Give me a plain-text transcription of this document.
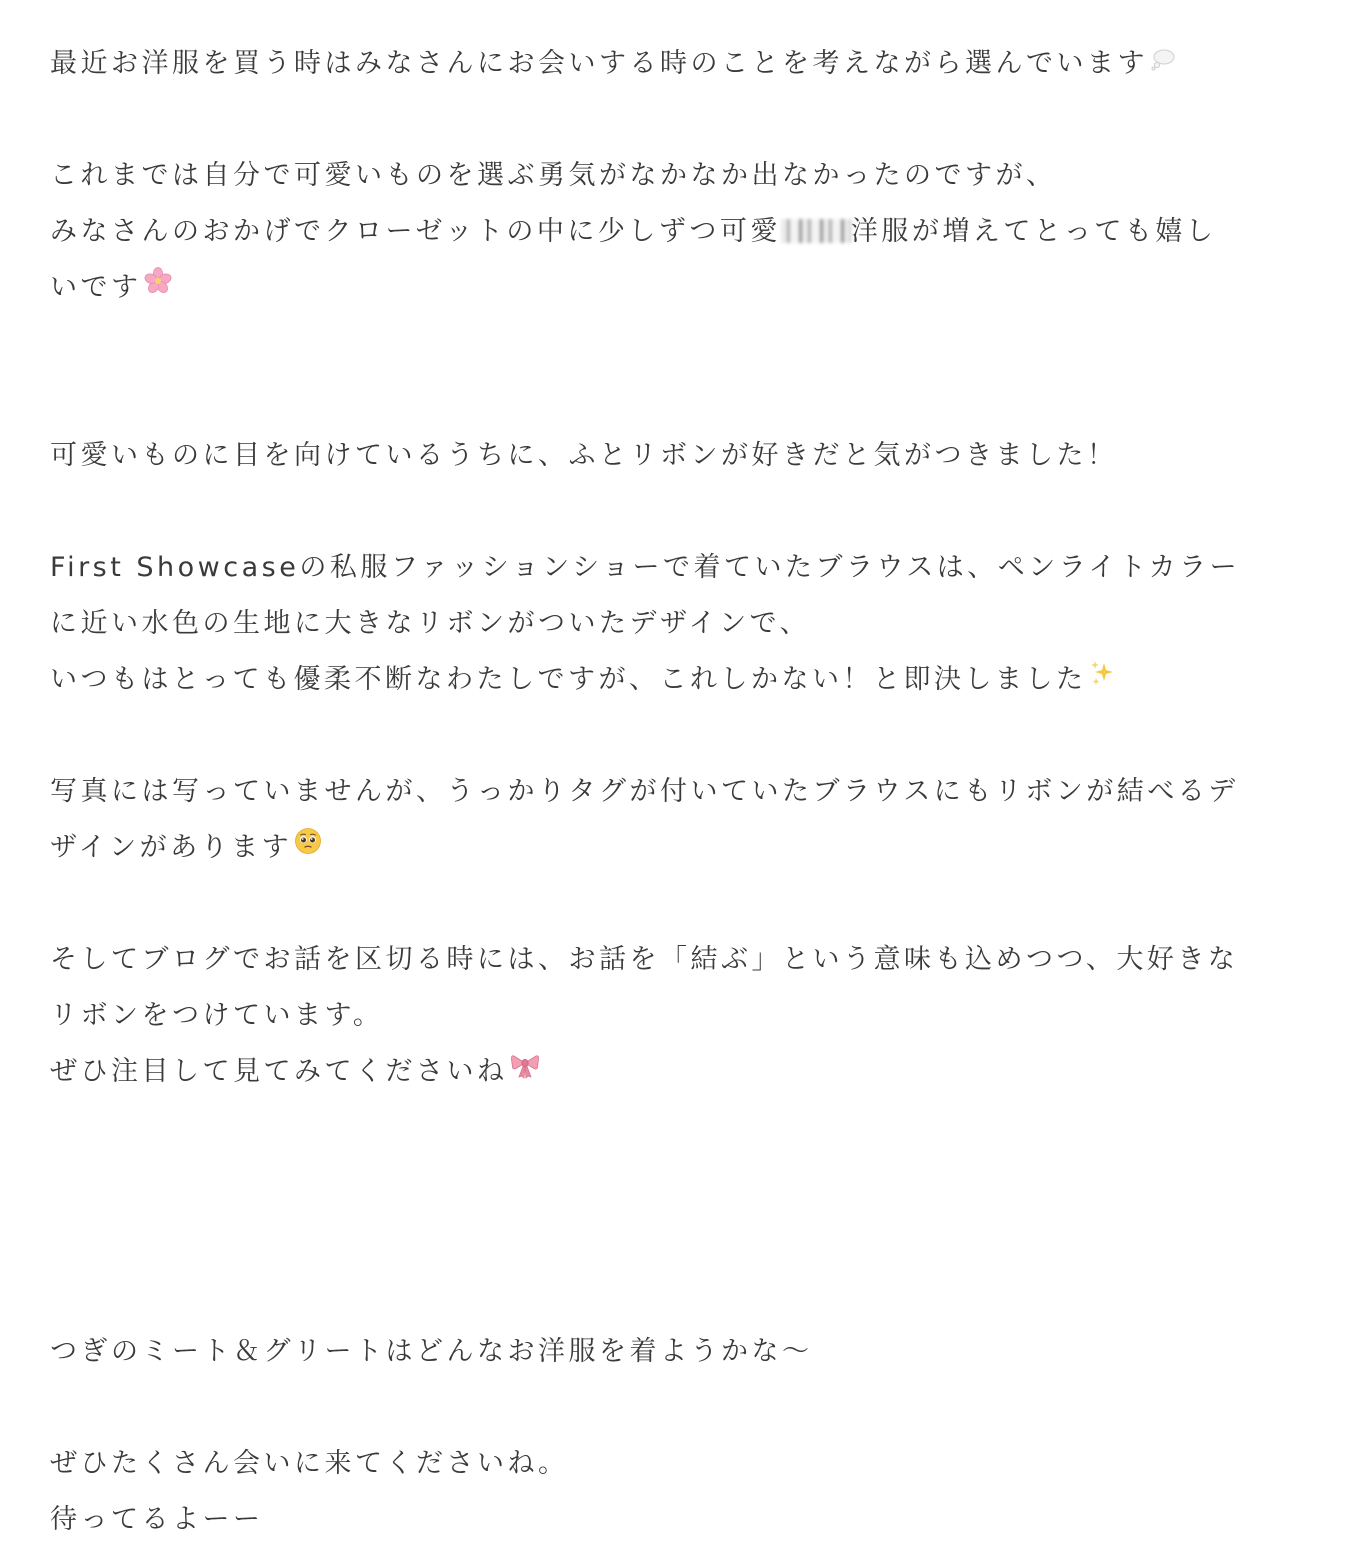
最近お洋服を買う時はみなさんにお会いする時のことを考えながら選んでいます
これまでは自分で可愛いものを選ぶ勇気がなかなか出なかったのですが、
みなさんのおかげでクローゼットの中に少しずつ可愛	洋服が増えてとっても嬉し
いです
可愛いものに目を向けているうちに、ふとリボンが好きだと気がつきました！
First Showcaseの私服ファッションショーで着ていたブラウスは、ペンライトカラー
に近い水色の生地に大きなリボンがついたデザインで、
いつもはとっても優柔不断なわたしですが、これしかない！と即決しました
写真には写っていませんが、うっかりタグが付いていたブラウスにもリボンが結べるデ
ザインがあります
そしてブログでお話を区切る時には、お話を「結ぶ」という意味も込めつつ、大好きな
リボンをつけています。
ぜひ注目して見てみてくださいね
つぎのミート＆グリートはどんなお洋服を着ようかな〜
ぜひたくさん会いに来てくださいね。
待ってるよーー
